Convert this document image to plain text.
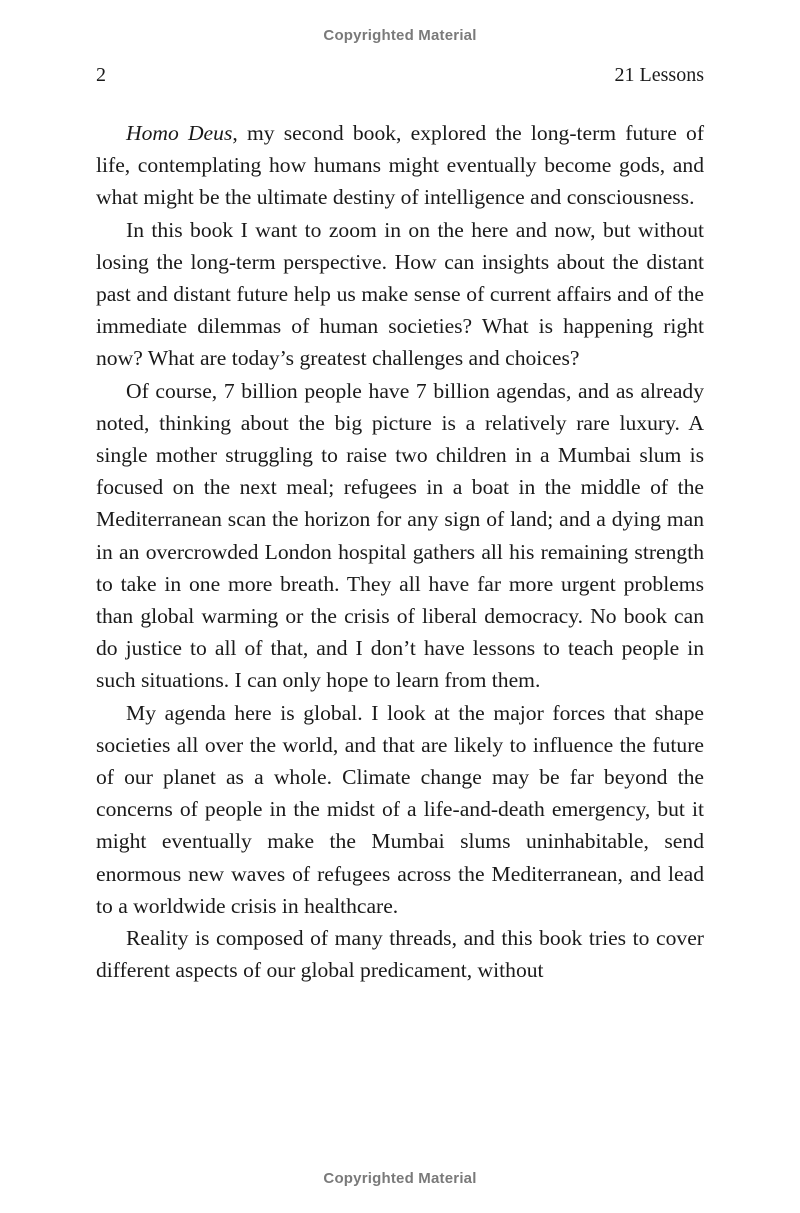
Copyrighted Material
2	21 Lessons

Homo Deus, my second book, explored the long-term future of life, contemplating how humans might eventually become gods, and what might be the ultimate destiny of intelligence and consciousness.

In this book I want to zoom in on the here and now, but without losing the long-term perspective. How can insights about the distant past and distant future help us make sense of current affairs and of the immediate dilemmas of human societies? What is happening right now? What are today’s greatest challenges and choices?

Of course, 7 billion people have 7 billion agendas, and as already noted, thinking about the big picture is a relatively rare luxury. A single mother struggling to raise two children in a Mumbai slum is focused on the next meal; refugees in a boat in the middle of the Mediterranean scan the horizon for any sign of land; and a dying man in an overcrowded London hospital gathers all his remaining strength to take in one more breath. They all have far more urgent problems than global warming or the crisis of liberal democracy. No book can do justice to all of that, and I don’t have lessons to teach people in such situations. I can only hope to learn from them.

My agenda here is global. I look at the major forces that shape societies all over the world, and that are likely to influence the future of our planet as a whole. Climate change may be far beyond the concerns of people in the midst of a life-and-death emergency, but it might eventually make the Mumbai slums uninhabitable, send enormous new waves of refugees across the Mediterranean, and lead to a worldwide crisis in healthcare.

Reality is composed of many threads, and this book tries to cover different aspects of our global predicament, without

Copyrighted Material
